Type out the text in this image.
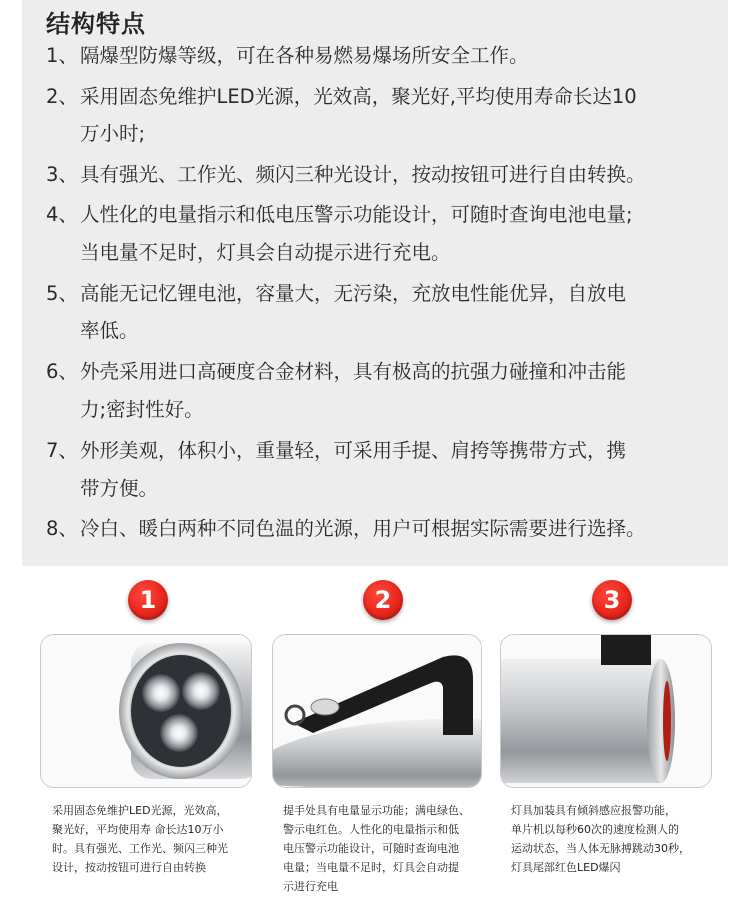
结构特点
1、 隔爆型防爆等级，可在各种易燃易爆场所安全工作。
2、 采用固态免维护LED光源，光效高，聚光好,平均使用寿命长达10
万小时;
3、 具有强光、工作光、频闪三种光设计，按动按钮可进行自由转换。
4、 人性化的电量指示和低电压警示功能设计，可随时查询电池电量;
当电量不足时，灯具会自动提示进行充电。
5、 高能无记忆锂电池，容量大，无污染，充放电性能优异，自放电
率低。
6、 外壳采用进口高硬度合金材料，具有极高的抗强力碰撞和冲击能
力;密封性好。
7、 外形美观，体积小，重量轻，可采用手提、肩挎等携带方式，携
带方便。
8、 冷白、暖白两种不同色温的光源，用户可根据实际需要进行选择。
1	2	3
采用固态免维护LED光源，光效高，
聚光好，平均使用寿 命长达10万小
时。具有强光、工作光、频闪三种光
设计，按动按钮可进行自由转换
提手处具有电量显示功能；满电绿色、
警示电红色。人性化的电量指示和低
电压警示功能设计，可随时查询电池
电量；当电量不足时，灯具会自动提
示进行充电
灯具加装具有倾斜感应报警功能，
单片机以每秒60次的速度检测人的
运动状态，当人体无脉搏跳动30秒，
灯具尾部红色LED爆闪
